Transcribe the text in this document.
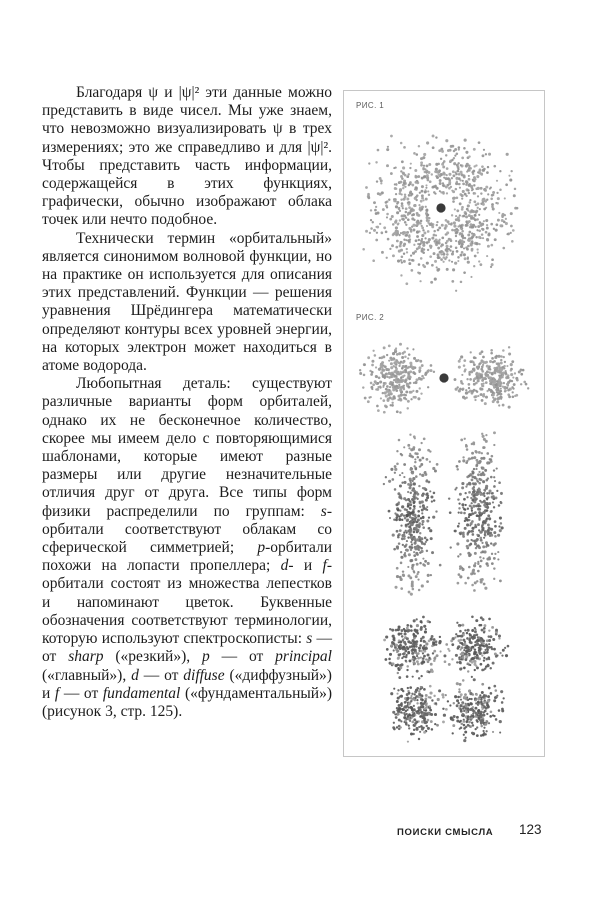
Благодаря ψ и |ψ|² эти данные можно представить в виде чисел. Мы уже знаем, что невозможно визуализировать ψ в трех измерениях; это же справедливо и для |ψ|². Чтобы представить часть информации, содержащейся в этих функциях, графически, обычно изображают облака точек или нечто подобное.

Технически термин «орбитальный» является синонимом волновой функции, но на практике он используется для описания этих представлений. Функции — решения уравнения Шрёдингера математически определяют контуры всех уровней энергии, на которых электрон может находиться в атоме водорода.

Любопытная деталь: существуют различные варианты форм орбиталей, однако их не бесконечное количество, скорее мы имеем дело с повторяющимися шаблонами, которые имеют разные размеры или другие незначительные отличия друг от друга. Все типы форм физики распределили по группам: s-орбитали соответствуют облакам со сферической симметрией; p-орбитали похожи на лопасти пропеллера; d- и f-орбитали состоят из множества лепестков и напоминают цветок. Буквенные обозначения соответствуют терминологии, которую используют спектроскописты: s — от sharp («резкий»), p — от principal («главный»), d — от diffuse («диффузный») и f — от fundamental («фундаментальный») (рисунок 3, стр. 125).

РИС. 1
РИС. 2
ПОИСКИ СМЫСЛА 123
